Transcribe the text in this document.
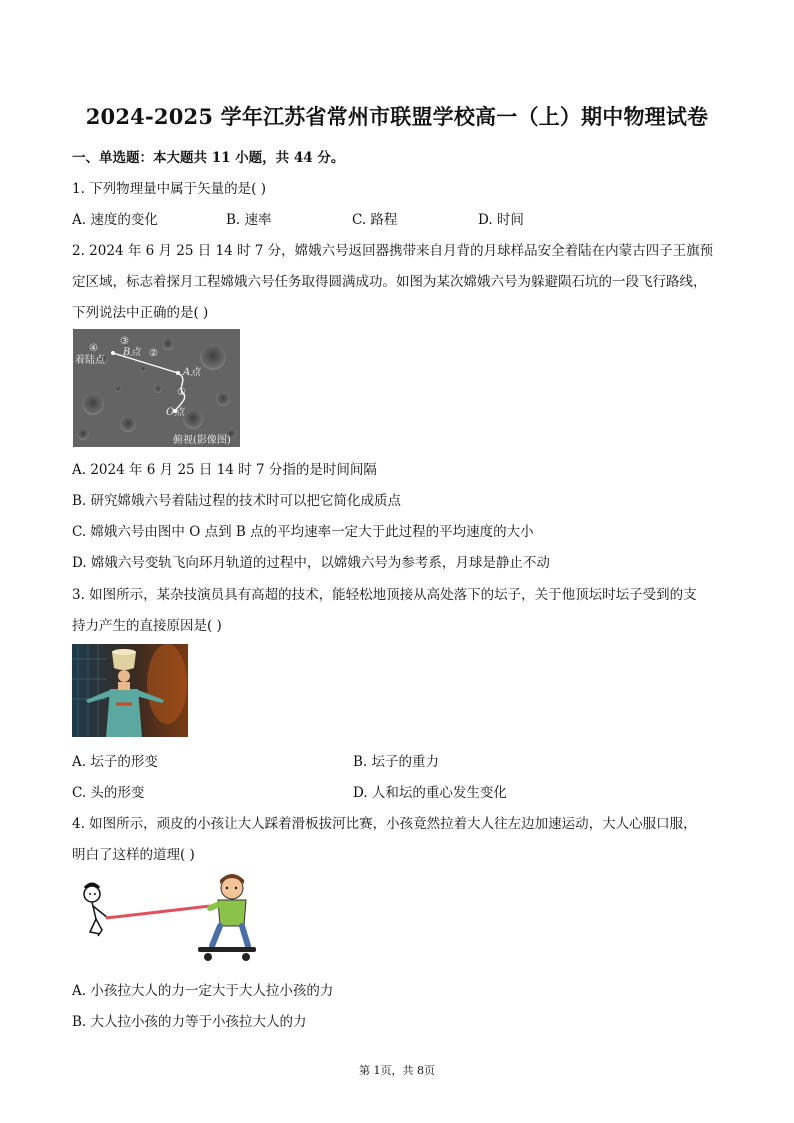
2024-2025 学年江苏省常州市联盟学校高一（上）期中物理试卷
一、单选题：本大题共 11 小题，共 44 分。
1. 下列物理量中属于矢量的是( )
A. 速度的变化	B. 速率	C. 路程	D. 时间
2. 2024 年 6 月 25 日 14 时 7 分，嫦娥六号返回器携带来自月背的月球样品安全着陆在内蒙古四子王旗预
定区域，标志着探月工程嫦娥六号任务取得圆满成功。如图为某次嫦娥六号为躲避陨石坑的一段飞行路线，
下列说法中正确的是( )
④
着陆点
③
B点 ②
A点
①
O点
俯视(影像图)
A. 2024 年 6 月 25 日 14 时 7 分指的是时间间隔
B. 研究嫦娥六号着陆过程的技术时可以把它简化成质点
C. 嫦娥六号由图中 O 点到 B 点的平均速率一定大于此过程的平均速度的大小
D. 嫦娥六号变轨飞向环月轨道的过程中，以嫦娥六号为参考系，月球是静止不动
3. 如图所示，某杂技演员具有高超的技术，能轻松地顶接从高处落下的坛子，关于他顶坛时坛子受到的支
持力产生的直接原因是( )
A. 坛子的形变	B. 坛子的重力
C. 头的形变	D. 人和坛的重心发生变化
4. 如图所示，顽皮的小孩让大人踩着滑板拔河比赛，小孩竟然拉着大人往左边加速运动，大人心服口服，
明白了这样的道理( )
A. 小孩拉大人的力一定大于大人拉小孩的力
B. 大人拉小孩的力等于小孩拉大人的力
第 1页，共 8页
